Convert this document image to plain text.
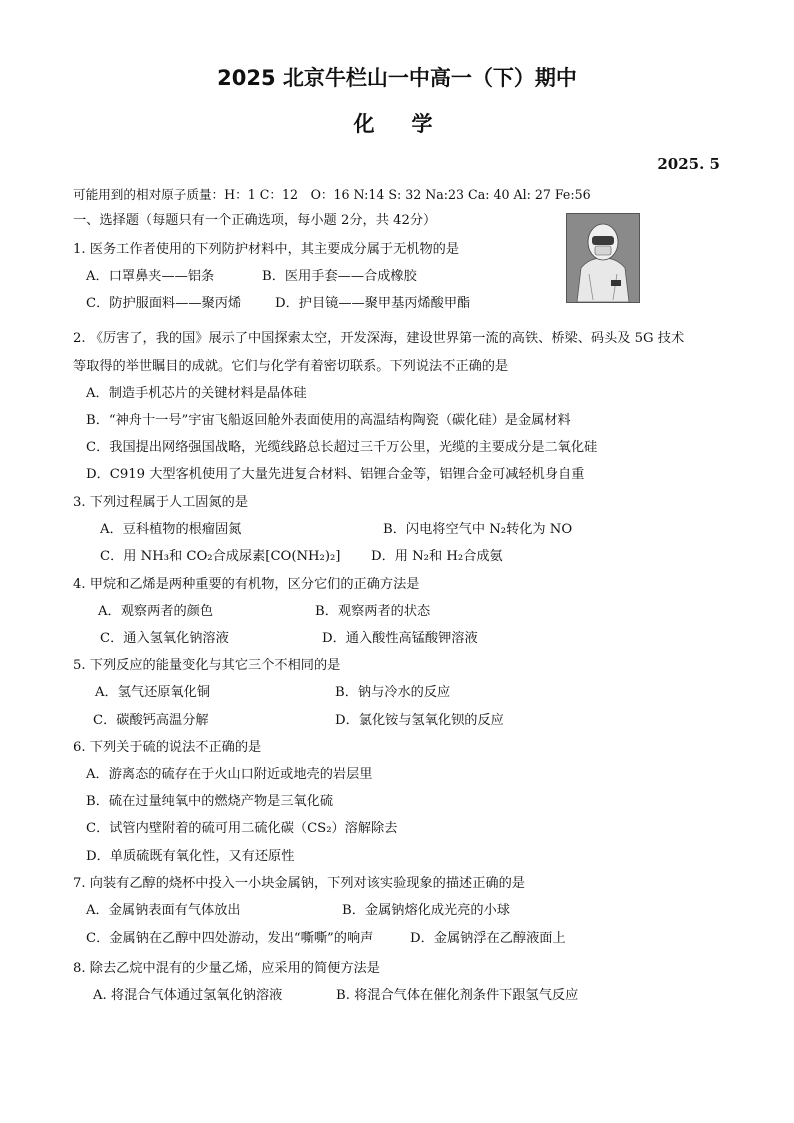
2025 北京牛栏山一中高一（下）期中
化　学
2025. 5
可能用到的相对原子质量：H：1 C：12　O：16 N:14 S: 32 Na:23 Ca: 40 Al: 27 Fe:56
一、选择题（每题只有一个正确选项，每小题 2分，共 42分）
1. 医务工作者使用的下列防护材料中，其主要成分属于无机物的是
A．口罩鼻夹——铝条	B．医用手套——合成橡胶
C．防护服面料——聚丙烯	D．护目镜——聚甲基丙烯酸甲酯
2. 《厉害了，我的国》展示了中国探索太空，开发深海，建设世界第一流的高铁、桥梁、码头及 5G 技术
等取得的举世瞩目的成就。它们与化学有着密切联系。下列说法不正确的是
A．制造手机芯片的关键材料是晶体硅
B．“神舟十一号”宇宙飞船返回舱外表面使用的高温结构陶瓷（碳化硅）是金属材料
C．我国提出网络强国战略，光缆线路总长超过三千万公里，光缆的主要成分是二氧化硅
D．C919 大型客机使用了大量先进复合材料、铝锂合金等，铝锂合金可减轻机身自重
3. 下列过程属于人工固氮的是
A．豆科植物的根瘤固氮	B．闪电将空气中 N₂转化为 NO
C．用 NH₃和 CO₂合成尿素[CO(NH₂)₂] D．用 N₂和 H₂合成氨
4. 甲烷和乙烯是两种重要的有机物，区分它们的正确方法是
A．观察两者的颜色	B．观察两者的状态
C．通入氢氧化钠溶液	D．通入酸性高锰酸钾溶液
5. 下列反应的能量变化与其它三个不相同的是
A．氢气还原氧化铜	B．钠与冷水的反应
C．碳酸钙高温分解	D．氯化铵与氢氧化钡的反应
6. 下列关于硫的说法不正确的是
A．游离态的硫存在于火山口附近或地壳的岩层里
B．硫在过量纯氧中的燃烧产物是三氧化硫
C．试管内壁附着的硫可用二硫化碳（CS₂）溶解除去
D．单质硫既有氧化性，又有还原性
7. 向装有乙醇的烧杯中投入一小块金属钠，下列对该实验现象的描述正确的是
A．金属钠表面有气体放出	B．金属钠熔化成光亮的小球
C．金属钠在乙醇中四处游动，发出“嘶嘶”的响声	D．金属钠浮在乙醇液面上
8. 除去乙烷中混有的少量乙烯，应采用的简便方法是
A. 将混合气体通过氢氧化钠溶液	B. 将混合气体在催化剂条件下跟氢气反应
